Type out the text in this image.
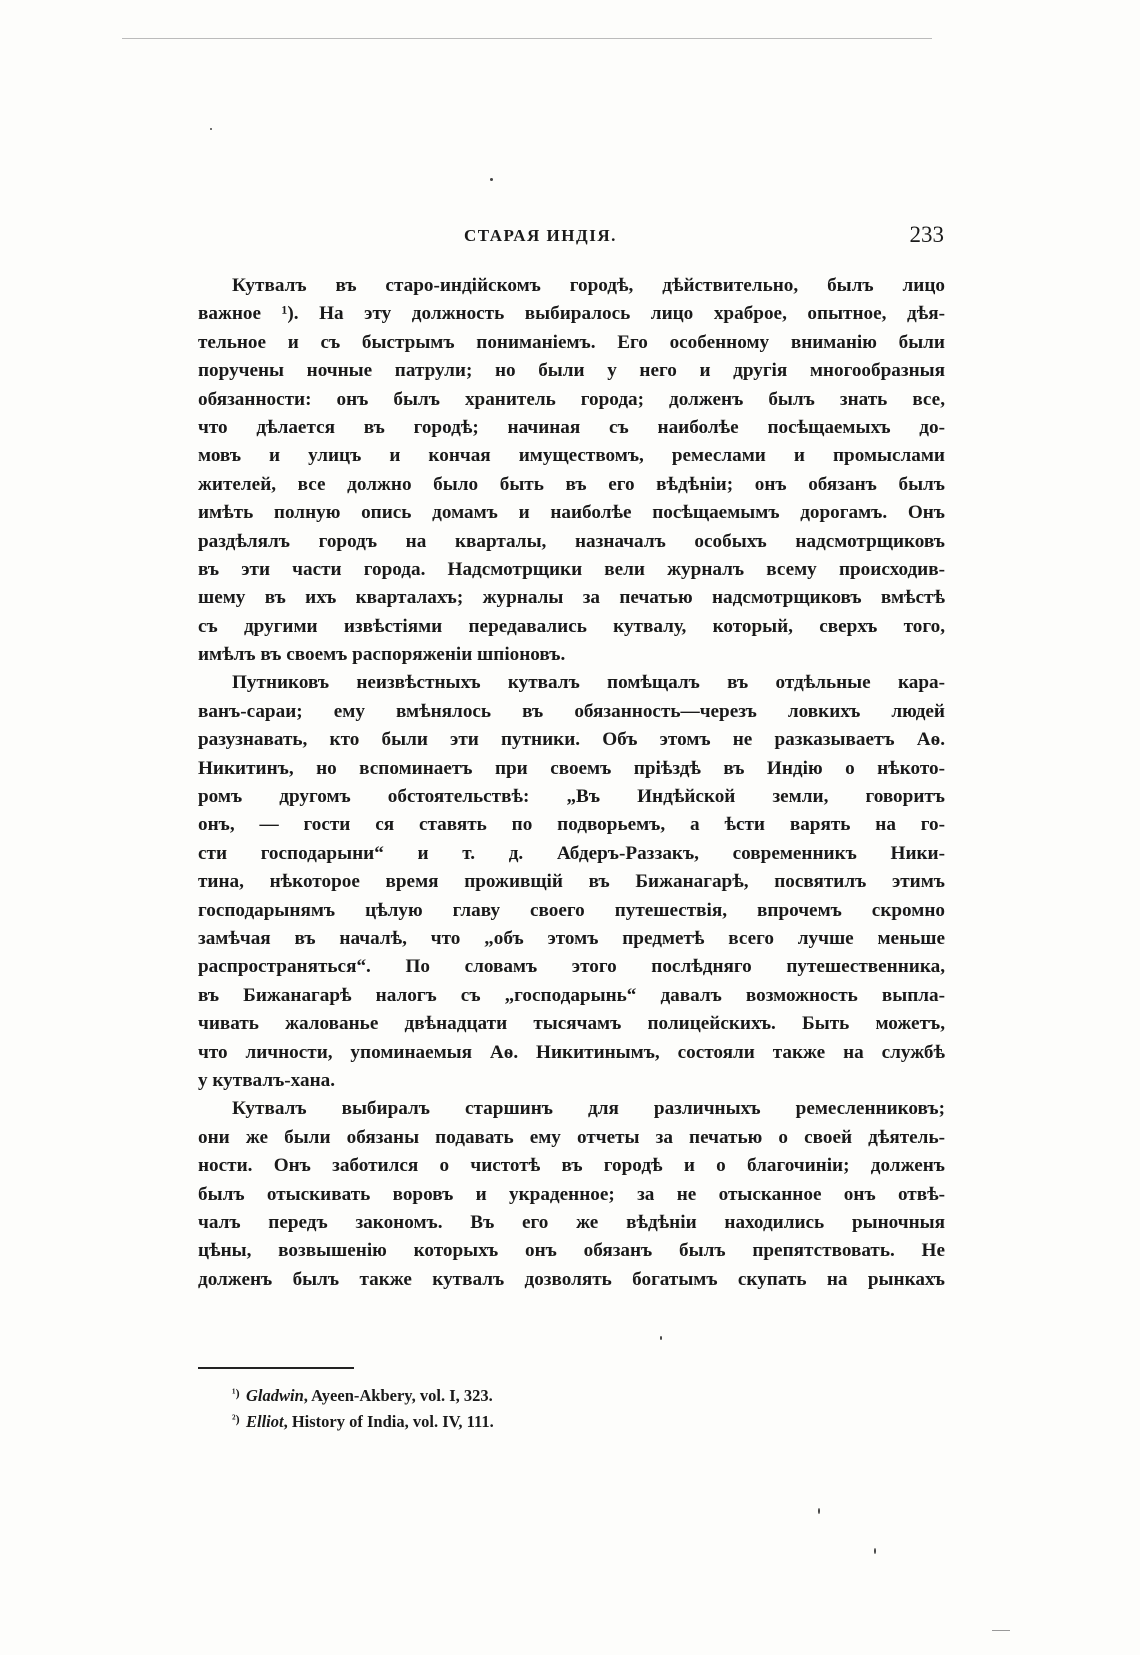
СТАРАЯ ИНДІЯ.	233
Кутвалъ въ старо-индійскомъ городѣ, дѣйствительно, былъ лицо
важное ¹). На эту должность выбиралось лицо храброе, опытное, дѣя-
тельное и съ быстрымъ пониманіемъ. Его особенному вниманію были
поручены ночные патрули; но были у него и другія многообразныя
обязанности: онъ былъ хранитель города; долженъ былъ знать все,
что дѣлается въ городѣ; начиная съ наиболѣе посѣщаемыхъ до-
мовъ и улицъ и кончая имуществомъ, ремеслами и промыслами
жителей, все должно было быть въ его вѣдѣніи; онъ обязанъ былъ
имѣть полную опись домамъ и наиболѣе посѣщаемымъ дорогамъ. Онъ
раздѣлялъ городъ на кварталы, назначалъ особыхъ надсмотрщиковъ
въ эти части города. Надсмотрщики вели журналъ всему происходив-
шему въ ихъ кварталахъ; журналы за печатью надсмотрщиковъ вмѣстѣ
съ другими извѣстіями передавались кутвалу, который, сверхъ того,
имѣлъ въ своемъ распоряженіи шпіоновъ.
Путниковъ неизвѣстныхъ кутвалъ помѣщалъ въ отдѣльные кара-
ванъ-сараи; ему вмѣнялось въ обязанность—черезъ ловкихъ людей
разузнавать, кто были эти путники. Объ этомъ не разказываетъ Аѳ.
Никитинъ, но вспоминаетъ при своемъ пріѣздѣ въ Индію о нѣкото-
ромъ другомъ обстоятельствѣ: „Въ Индѣйской земли, говоритъ
онъ, — гости ся ставять по подворьемъ, а ѣсти варять на го-
сти господарыни“ и т. д. Абдеръ-Раззакъ, современникъ Ники-
тина, нѣкоторое время проживщій въ Бижанагарѣ, посвятилъ этимъ
господарынямъ цѣлую главу своего путешествія, впрочемъ скромно
замѣчая въ началѣ, что „объ этомъ предметѣ всего лучше меньше
распространяться“. По словамъ этого послѣдняго путешественника,
въ Бижанагарѣ налогъ съ „господарынь“ давалъ возможность выпла-
чивать жалованье двѣнадцати тысячамъ полицейскихъ. Быть можетъ,
что личности, упоминаемыя Аѳ. Никитинымъ, состояли также на службѣ
у кутвалъ-хана.
Кутвалъ выбиралъ старшинъ для различныхъ ремесленниковъ;
они же были обязаны подавать ему отчеты за печатью о своей дѣятель-
ности. Онъ заботился о чистотѣ въ городѣ и о благочиніи; долженъ
былъ отыскивать воровъ и украденное; за не отысканное онъ отвѣ-
чалъ передъ закономъ. Въ его же вѣдѣніи находились рыночныя
цѣны, возвышенію которыхъ онъ обязанъ былъ препятствовать. Не
долженъ былъ также кутвалъ дозволять богатымъ скупать на рынкахъ
¹) Gladwin, Ayeen-Akbery, vol. I, 323.
²) Elliot, History of India, vol. IV, 111.
